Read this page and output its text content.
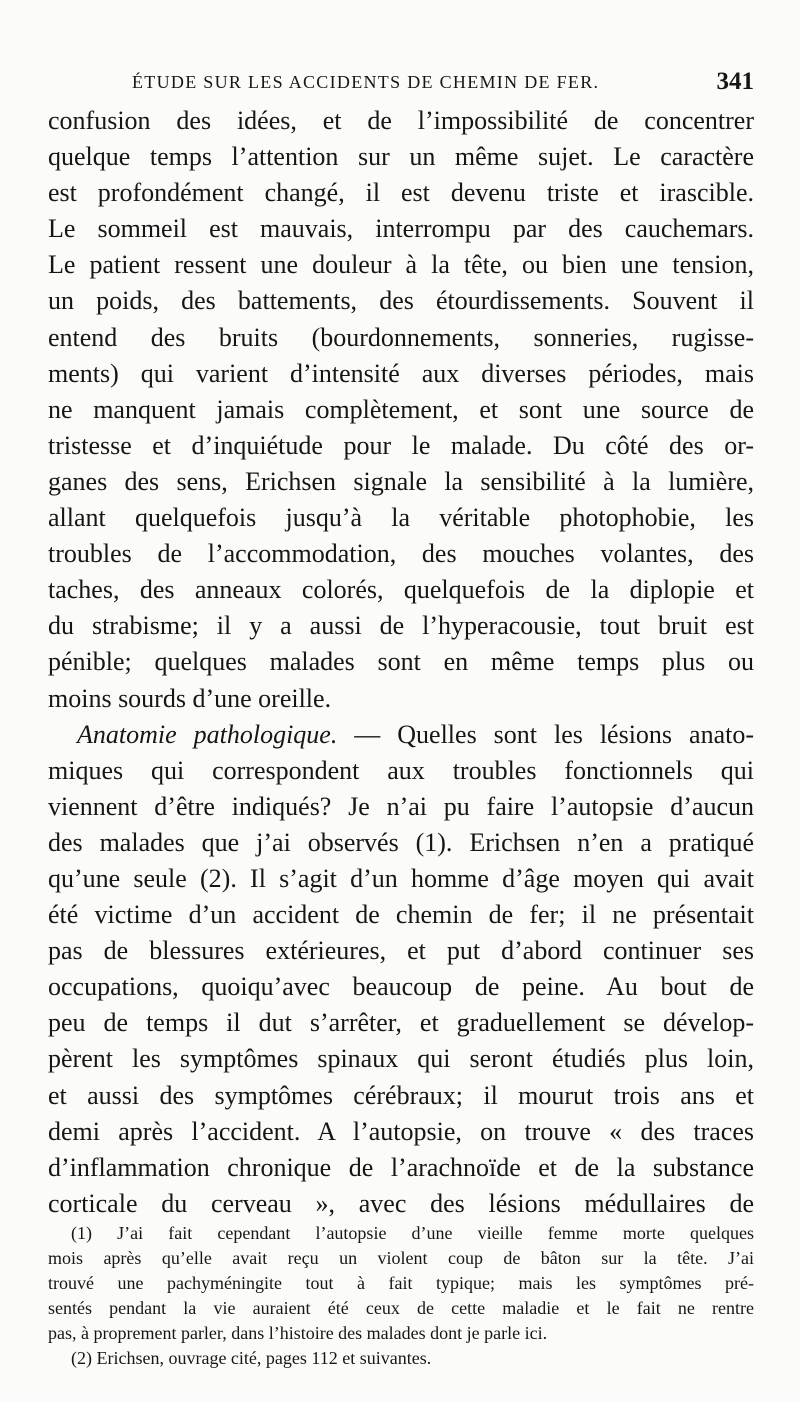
ÉTUDE SUR LES ACCIDENTS DE CHEMIN DE FER.	341
confusion des idées, et de l’impossibilité de concentrer
quelque temps l’attention sur un même sujet. Le caractère
est profondément changé, il est devenu triste et irascible.
Le sommeil est mauvais, interrompu par des cauchemars.
Le patient ressent une douleur à la tête, ou bien une tension,
un poids, des battements, des étourdissements. Souvent il
entend des bruits (bourdonnements, sonneries, rugisse-
ments) qui varient d’intensité aux diverses périodes, mais
ne manquent jamais complètement, et sont une source de
tristesse et d’inquiétude pour le malade. Du côté des or-
ganes des sens, Erichsen signale la sensibilité à la lumière,
allant quelquefois jusqu’à la véritable photophobie, les
troubles de l’accommodation, des mouches volantes, des
taches, des anneaux colorés, quelquefois de la diplopie et
du strabisme; il y a aussi de l’hyperacousie, tout bruit est
pénible; quelques malades sont en même temps plus ou
moins sourds d’une oreille.
Anatomie pathologique. — Quelles sont les lésions anato-
miques qui correspondent aux troubles fonctionnels qui
viennent d’être indiqués? Je n’ai pu faire l’autopsie d’aucun
des malades que j’ai observés (1). Erichsen n’en a pratiqué
qu’une seule (2). Il s’agit d’un homme d’âge moyen qui avait
été victime d’un accident de chemin de fer; il ne présentait
pas de blessures extérieures, et put d’abord continuer ses
occupations, quoiqu’avec beaucoup de peine. Au bout de
peu de temps il dut s’arrêter, et graduellement se dévelop-
pèrent les symptômes spinaux qui seront étudiés plus loin,
et aussi des symptômes cérébraux; il mourut trois ans et
demi après l’accident. A l’autopsie, on trouve « des traces
d’inflammation chronique de l’arachnoïde et de la substance
corticale du cerveau », avec des lésions médullaires de
(1) J’ai fait cependant l’autopsie d’une vieille femme morte quelques
mois après qu’elle avait reçu un violent coup de bâton sur la tête. J’ai
trouvé une pachyméningite tout à fait typique; mais les symptômes pré-
sentés pendant la vie auraient été ceux de cette maladie et le fait ne rentre
pas, à proprement parler, dans l’histoire des malades dont je parle ici.
(2) Erichsen, ouvrage cité, pages 112 et suivantes.
